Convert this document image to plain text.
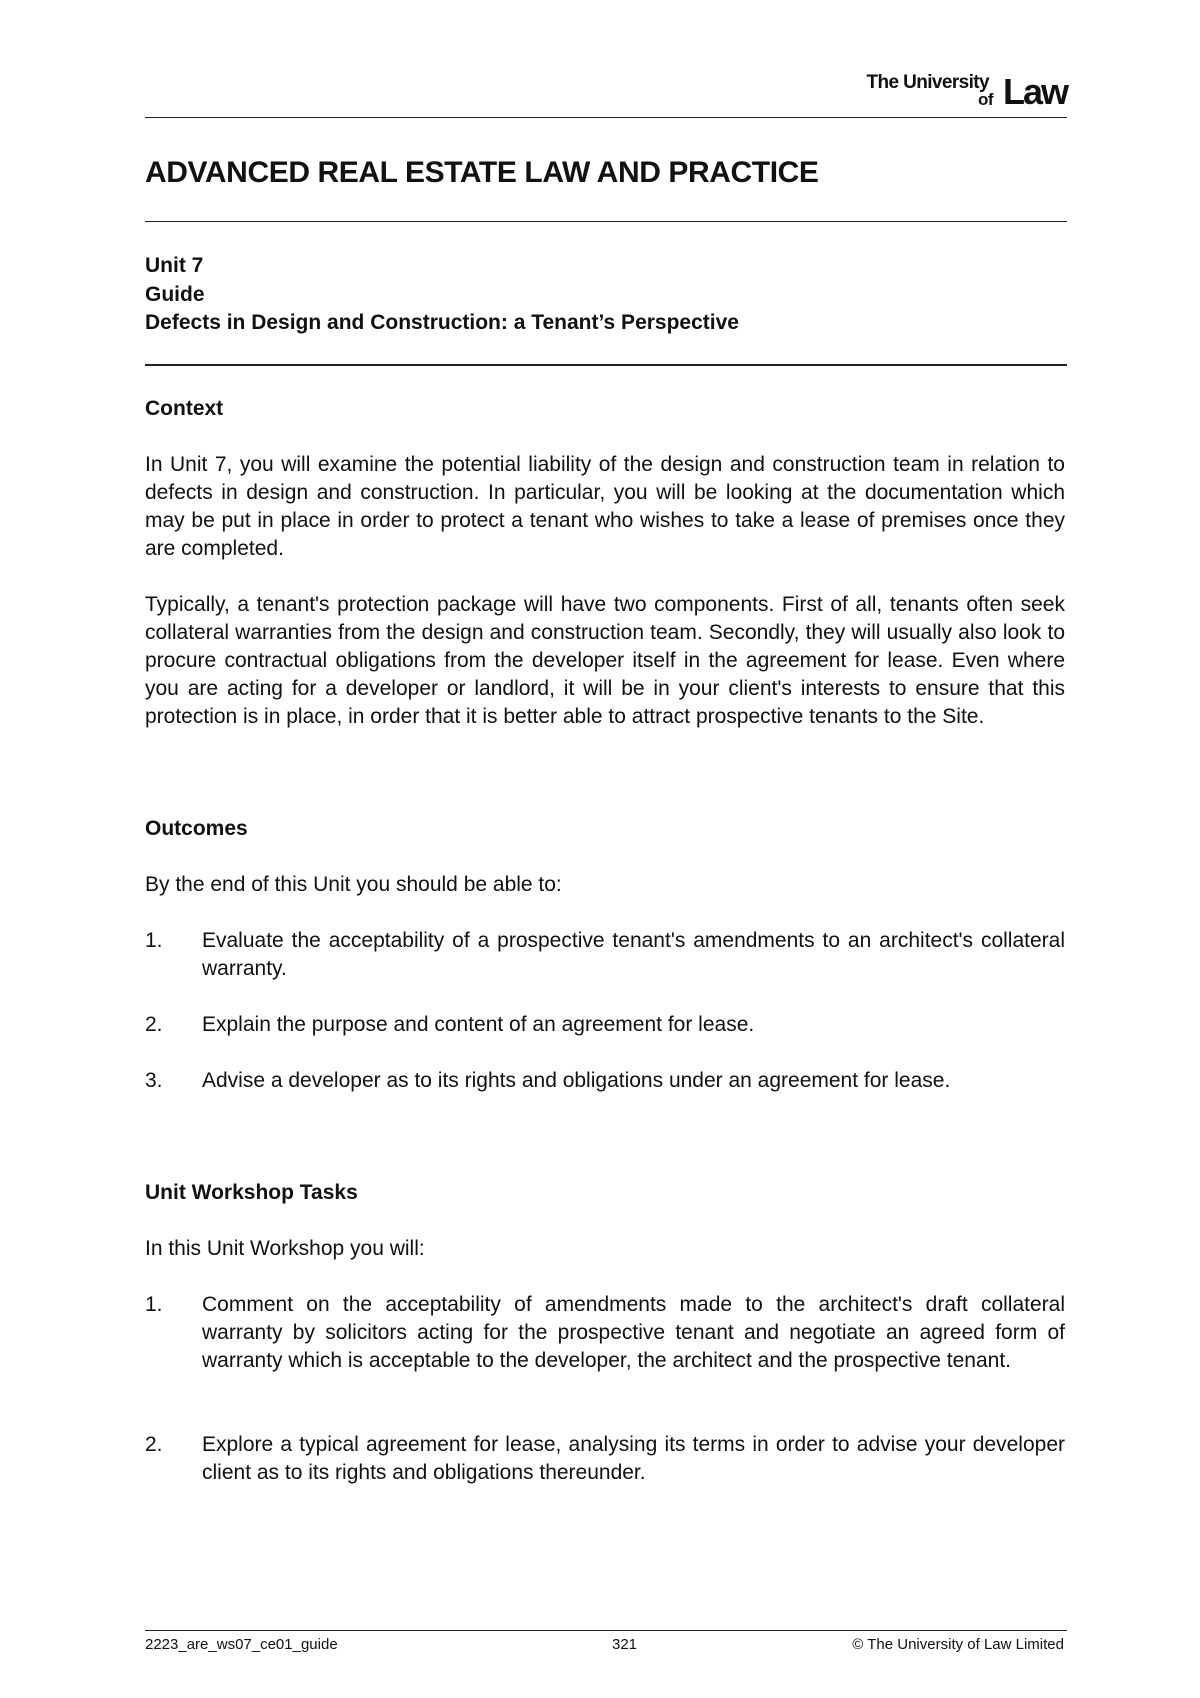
The University
of Law
ADVANCED REAL ESTATE LAW AND PRACTICE
Unit 7
Guide
Defects in Design and Construction: a Tenant’s Perspective
Context
In Unit 7, you will examine the potential liability of the design and construction team in relation to defects in design and construction. In particular, you will be looking at the documentation which may be put in place in order to protect a tenant who wishes to take a lease of premises once they are completed.
Typically, a tenant's protection package will have two components. First of all, tenants often seek collateral warranties from the design and construction team. Secondly, they will usually also look to procure contractual obligations from the developer itself in the agreement for lease. Even where you are acting for a developer or landlord, it will be in your client's interests to ensure that this protection is in place, in order that it is better able to attract prospective tenants to the Site.
Outcomes
By the end of this Unit you should be able to:
1. Evaluate the acceptability of a prospective tenant's amendments to an architect's collateral warranty.
2. Explain the purpose and content of an agreement for lease.
3. Advise a developer as to its rights and obligations under an agreement for lease.
Unit Workshop Tasks
In this Unit Workshop you will:
1. Comment on the acceptability of amendments made to the architect's draft collateral warranty by solicitors acting for the prospective tenant and negotiate an agreed form of warranty which is acceptable to the developer, the architect and the prospective tenant.
2. Explore a typical agreement for lease, analysing its terms in order to advise your developer client as to its rights and obligations thereunder.
2223_are_ws07_ce01_guide	321	© The University of Law Limited
